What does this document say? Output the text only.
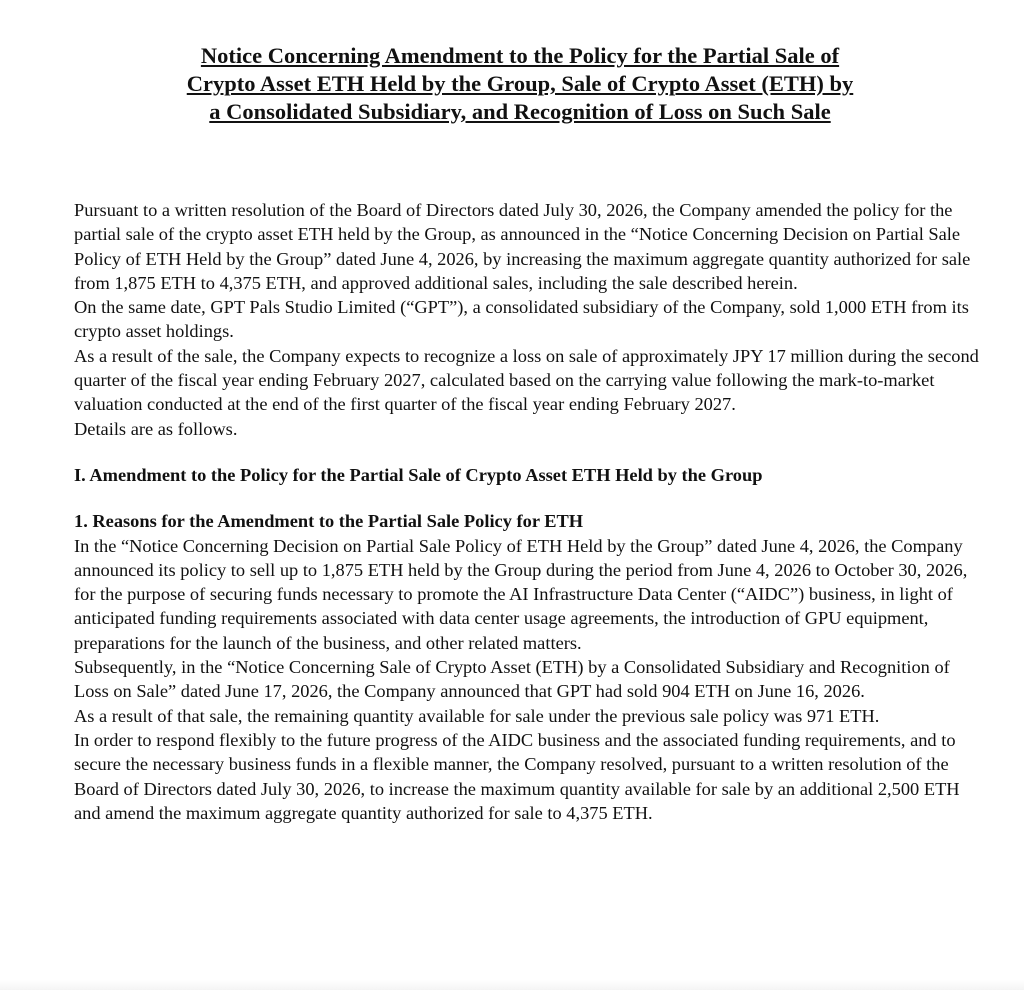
Notice Concerning Amendment to the Policy for the Partial Sale of
Crypto Asset ETH Held by the Group, Sale of Crypto Asset (ETH) by
a Consolidated Subsidiary, and Recognition of Loss on Such Sale

Pursuant to a written resolution of the Board of Directors dated July 30, 2026, the Company amended the policy for the partial sale of the crypto asset ETH held by the Group, as announced in the “Notice Concerning Decision on Partial Sale Policy of ETH Held by the Group” dated June 4, 2026, by increasing the maximum aggregate quantity authorized for sale from 1,875 ETH to 4,375 ETH, and approved additional sales, including the sale described herein.

On the same date, GPT Pals Studio Limited (“GPT”), a consolidated subsidiary of the Company, sold 1,000 ETH from its crypto asset holdings.

As a result of the sale, the Company expects to recognize a loss on sale of approximately JPY 17 million during the second quarter of the fiscal year ending February 2027, calculated based on the carrying value following the mark-to-market valuation conducted at the end of the first quarter of the fiscal year ending February 2027.

Details are as follows.

I. Amendment to the Policy for the Partial Sale of Crypto Asset ETH Held by the Group

1. Reasons for the Amendment to the Partial Sale Policy for ETH

In the “Notice Concerning Decision on Partial Sale Policy of ETH Held by the Group” dated June 4, 2026, the Company announced its policy to sell up to 1,875 ETH held by the Group during the period from June 4, 2026 to October 30, 2026, for the purpose of securing funds necessary to promote the AI Infrastructure Data Center (“AIDC”) business, in light of anticipated funding requirements associated with data center usage agreements, the introduction of GPU equipment, preparations for the launch of the business, and other related matters.

Subsequently, in the “Notice Concerning Sale of Crypto Asset (ETH) by a Consolidated Subsidiary and Recognition of Loss on Sale” dated June 17, 2026, the Company announced that GPT had sold 904 ETH on June 16, 2026.

As a result of that sale, the remaining quantity available for sale under the previous sale policy was 971 ETH.

In order to respond flexibly to the future progress of the AIDC business and the associated funding requirements, and to secure the necessary business funds in a flexible manner, the Company resolved, pursuant to a written resolution of the Board of Directors dated July 30, 2026, to increase the maximum quantity available for sale by an additional 2,500 ETH and amend the maximum aggregate quantity authorized for sale to 4,375 ETH.
